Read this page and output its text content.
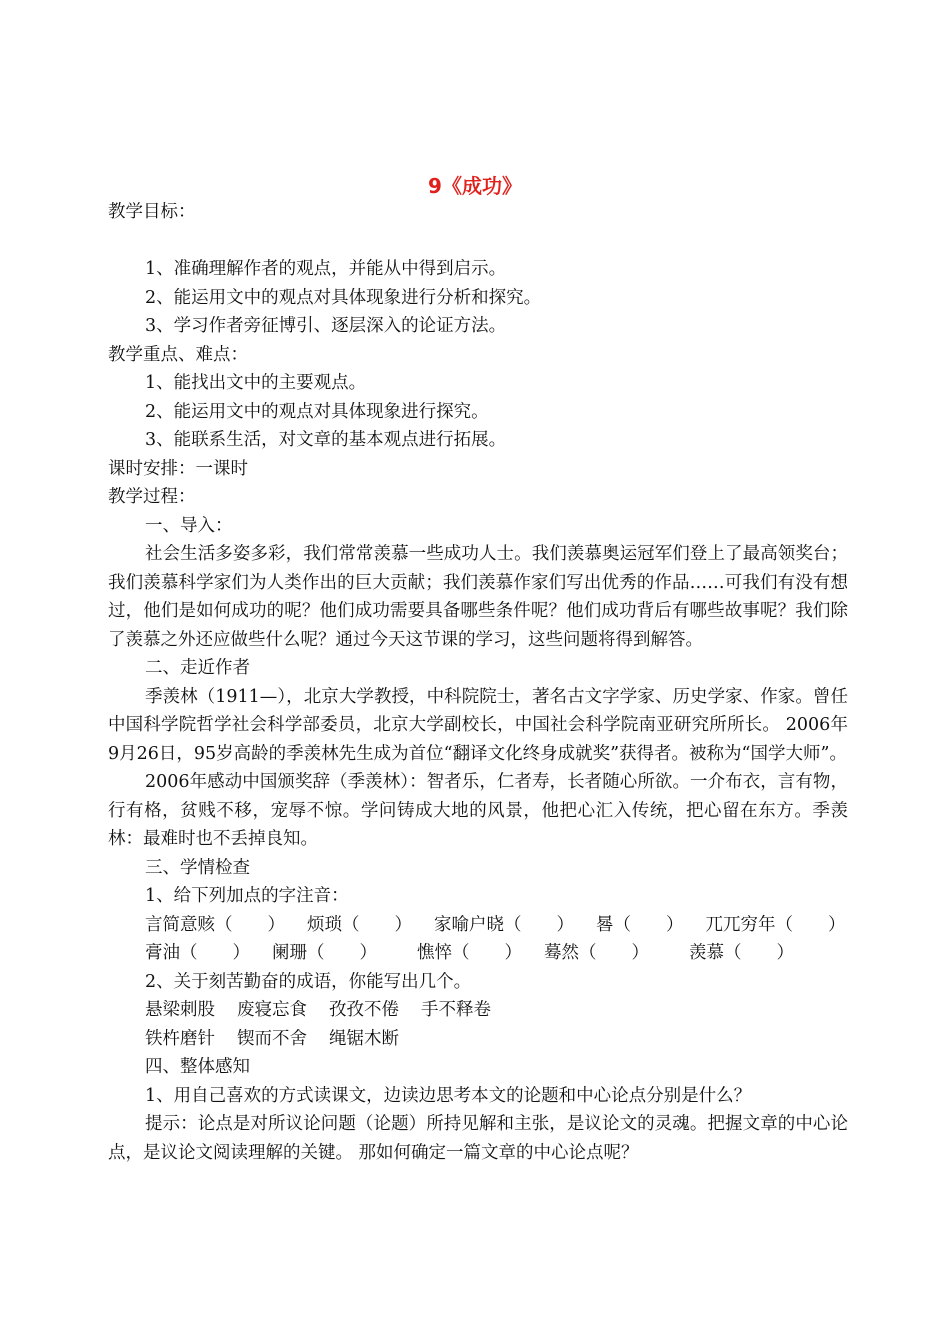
9《成功》
教学目标：
1、准确理解作者的观点，并能从中得到启示。
2、能运用文中的观点对具体现象进行分析和探究。
3、学习作者旁征博引、逐层深入的论证方法。
教学重点、难点：
1、能找出文中的主要观点。
2、能运用文中的观点对具体现象进行探究。
3、能联系生活，对文章的基本观点进行拓展。
课时安排：一课时
教学过程：
一、导入：

社会生活多姿多彩，我们常常羡慕一些成功人士。我们羡慕奥运冠军们登上了最高领奖台；我们羡慕科学家们为人类作出的巨大贡献；我们羡慕作家们写出优秀的作品……可我们有没有想过，他们是如何成功的呢？他们成功需要具备哪些条件呢？他们成功背后有哪些故事呢？我们除了羡慕之外还应做些什么呢？通过今天这节课的学习，这些问题将得到解答。

二、走近作者

季羡林（1911—），北京大学教授，中科院院士，著名古文字学家、历史学家、作家。曾任中国科学院哲学社会科学部委员，北京大学副校长，中国社会科学院南亚研究所所长。 2006年9月26日，95岁高龄的季羡林先生成为首位“翻译文化终身成就奖”获得者。被称为“国学大师”。

2006年感动中国颁奖辞（季羡林）：智者乐，仁者寿，长者随心所欲。一介布衣，言有物，行有格，贫贱不移，宠辱不惊。学问铸成大地的风景，他把心汇入传统，把心留在东方。季羡林：最难时也不丢掉良知。

三、学情检查
1、给下列加点的字注音：
言简意赅（　　） 烦琐（　　） 家喻户晓（　　） 晷（　　） 兀兀穷年（　　）
膏油（　　） 阑珊（　　） 憔悴（　　） 蓦然（　　） 羡慕（　　）
2、关于刻苦勤奋的成语，你能写出几个。
悬梁刺股 废寝忘食 孜孜不倦 手不释卷
铁杵磨针 锲而不舍 绳锯木断
四、整体感知
1、用自己喜欢的方式读课文，边读边思考本文的论题和中心论点分别是什么？

提示：论点是对所议论问题（论题）所持见解和主张，是议论文的灵魂。把握文章的中心论点，是议论文阅读理解的关键。 那如何确定一篇文章的中心论点呢？
